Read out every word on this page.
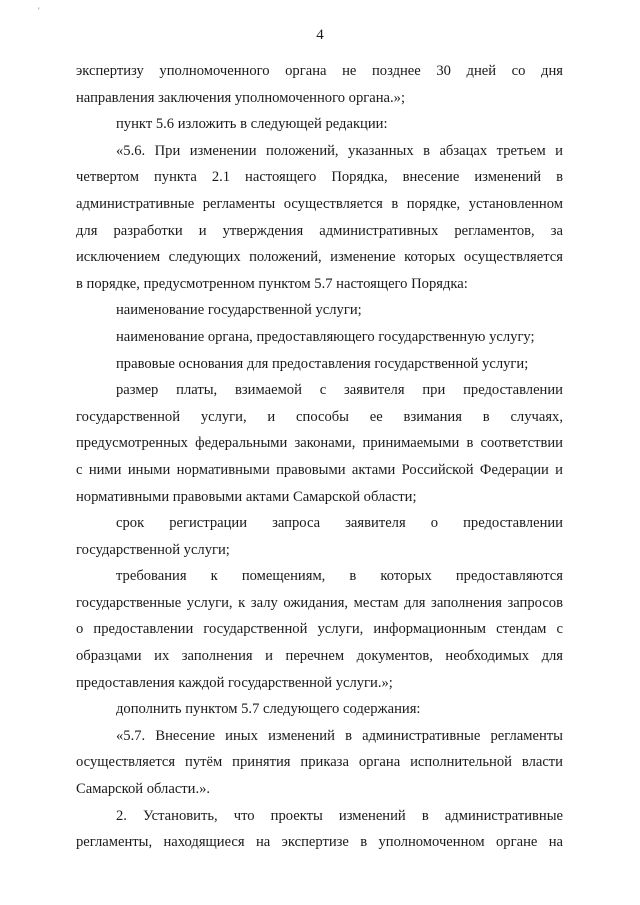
'
4
экспертизу уполномоченного органа не позднее 30 дней со дня
направления заключения уполномоченного органа.»;
пункт 5.6 изложить в следующей редакции:
«5.6. При изменении положений, указанных в абзацах третьем и
четвертом пункта 2.1 настоящего Порядка, внесение изменений в
административные регламенты осуществляется в порядке, установленном
для разработки и утверждения административных регламентов, за
исключением следующих положений, изменение которых осуществляется
в порядке, предусмотренном пунктом 5.7 настоящего Порядка:
наименование государственной услуги;
наименование органа, предоставляющего государственную услугу;
правовые основания для предоставления государственной услуги;
размер платы, взимаемой с заявителя при предоставлении
государственной услуги, и способы ее взимания в случаях,
предусмотренных федеральными законами, принимаемыми в соответствии
с ними иными нормативными правовыми актами Российской Федерации и
нормативными правовыми актами Самарской области;
срок регистрации запроса заявителя о предоставлении
государственной услуги;
требования к помещениям, в которых предоставляются
государственные услуги, к залу ожидания, местам для заполнения запросов
о предоставлении государственной услуги, информационным стендам с
образцами их заполнения и перечнем документов, необходимых для
предоставления каждой государственной услуги.»;
дополнить пунктом 5.7 следующего содержания:
«5.7. Внесение иных изменений в административные регламенты
осуществляется путём принятия приказа органа исполнительной власти
Самарской области.».
2. Установить, что проекты изменений в административные
регламенты, находящиеся на экспертизе в уполномоченном органе на
